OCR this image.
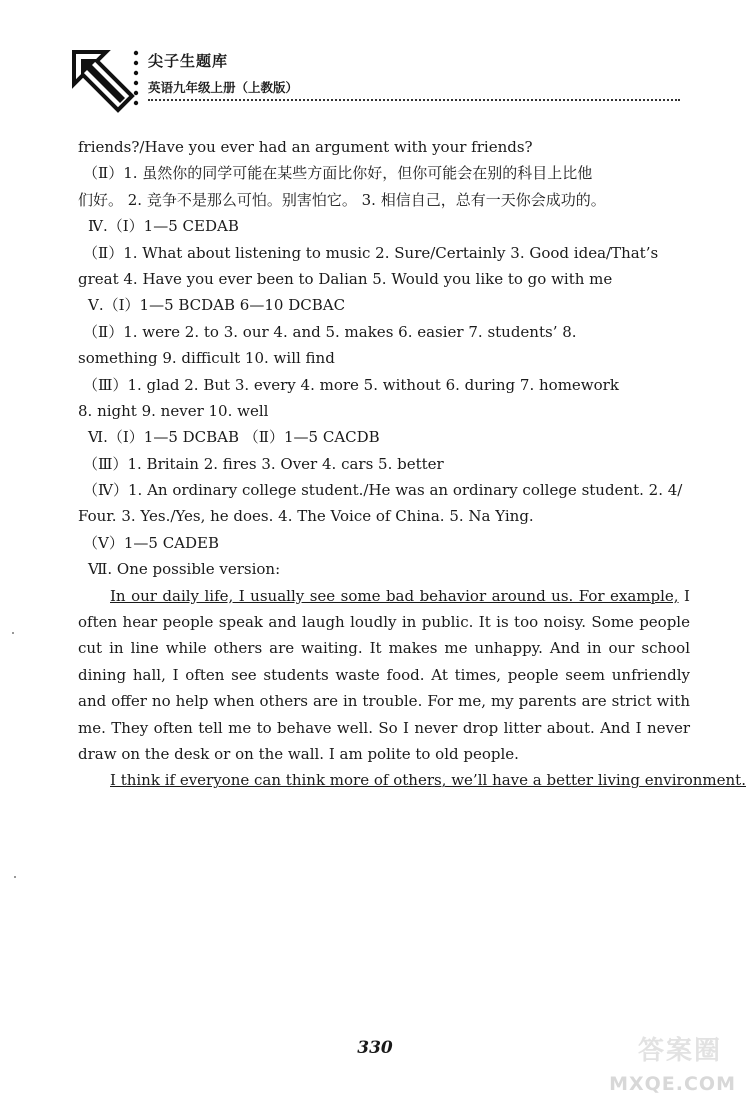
尖子生题库
英语九年级上册（上教版）
friends?/Have you ever had an argument with your friends?
（Ⅱ）1. 虽然你的同学可能在某些方面比你好，但你可能会在别的科目上比他
们好。 2. 竞争不是那么可怕。别害怕它。 3. 相信自己，总有一天你会成功的。
Ⅳ.（Ⅰ）1—5 CEDAB
（Ⅱ）1. What about listening to music 2. Sure/Certainly 3. Good idea/That’s
great 4. Have you ever been to Dalian 5. Would you like to go with me
Ⅴ.（Ⅰ）1—5 BCDAB 6—10 DCBAC
（Ⅱ）1. were 2. to 3. our 4. and 5. makes 6. easier 7. students’ 8.
something 9. difficult 10. will find
（Ⅲ）1. glad 2. But 3. every 4. more 5. without 6. during 7. homework
8. night 9. never 10. well
Ⅵ.（Ⅰ）1—5 DCBAB （Ⅱ）1—5 CACDB
（Ⅲ）1. Britain 2. fires 3. Over 4. cars 5. better
（Ⅳ）1. An ordinary college student./He was an ordinary college student. 2. 4/
Four. 3. Yes./Yes, he does. 4. The Voice of China. 5. Na Ying.
（Ⅴ）1—5 CADEB
Ⅶ. One possible version:
In our daily life, I usually see some bad behavior around us. For example, I often hear people speak and laugh loudly in public. It is too noisy. Some people cut in line while others are waiting. It makes me unhappy. And in our school dining hall, I often see students waste food. At times, people seem unfriendly and offer no help when others are in trouble. For me, my parents are strict with me. They often tell me to behave well. So I never drop litter about. And I never draw on the desk or on the wall. I am polite to old people.
I think if everyone can think more of others, we’ll have a better living environment.
330	答案圈
MXQE.COM
